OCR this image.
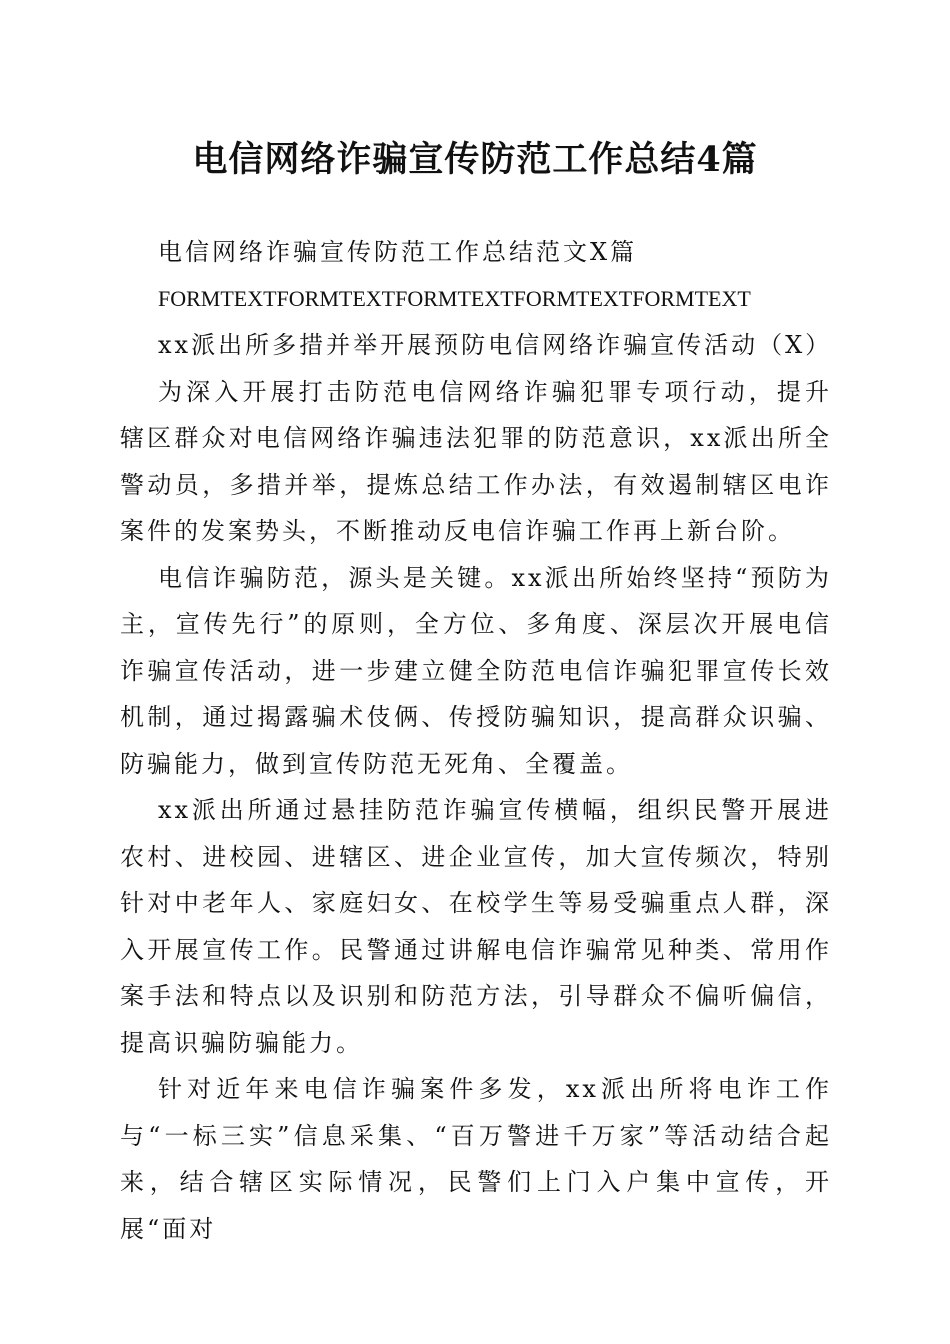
电信网络诈骗宣传防范工作总结4篇

电信网络诈骗宣传防范工作总结范文X篇

FORMTEXTFORMTEXTFORMTEXTFORMTEXTFORMTEXT

xx派出所多措并举开展预防电信网络诈骗宣传活动（X）

为深入开展打击防范电信网络诈骗犯罪专项行动，提升辖区群众对电信网络诈骗违法犯罪的防范意识，xx派出所全警动员，多措并举，提炼总结工作办法，有效遏制辖区电诈案件的发案势头，不断推动反电信诈骗工作再上新台阶。

电信诈骗防范，源头是关键。xx派出所始终坚持“预防为主，宣传先行”的原则，全方位、多角度、深层次开展电信诈骗宣传活动，进一步建立健全防范电信诈骗犯罪宣传长效机制，通过揭露骗术伎俩、传授防骗知识，提高群众识骗、防骗能力，做到宣传防范无死角、全覆盖。

xx派出所通过悬挂防范诈骗宣传横幅，组织民警开展进农村、进校园、进辖区、进企业宣传，加大宣传频次，特别针对中老年人、家庭妇女、在校学生等易受骗重点人群，深入开展宣传工作。民警通过讲解电信诈骗常见种类、常用作案手法和特点以及识别和防范方法，引导群众不偏听偏信，提高识骗防骗能力。

针对近年来电信诈骗案件多发，xx派出所将电诈工作与“一标三实”信息采集、“百万警进千万家”等活动结合起来，结合辖区实际情况，民警们上门入户集中宣传，开展“面对
